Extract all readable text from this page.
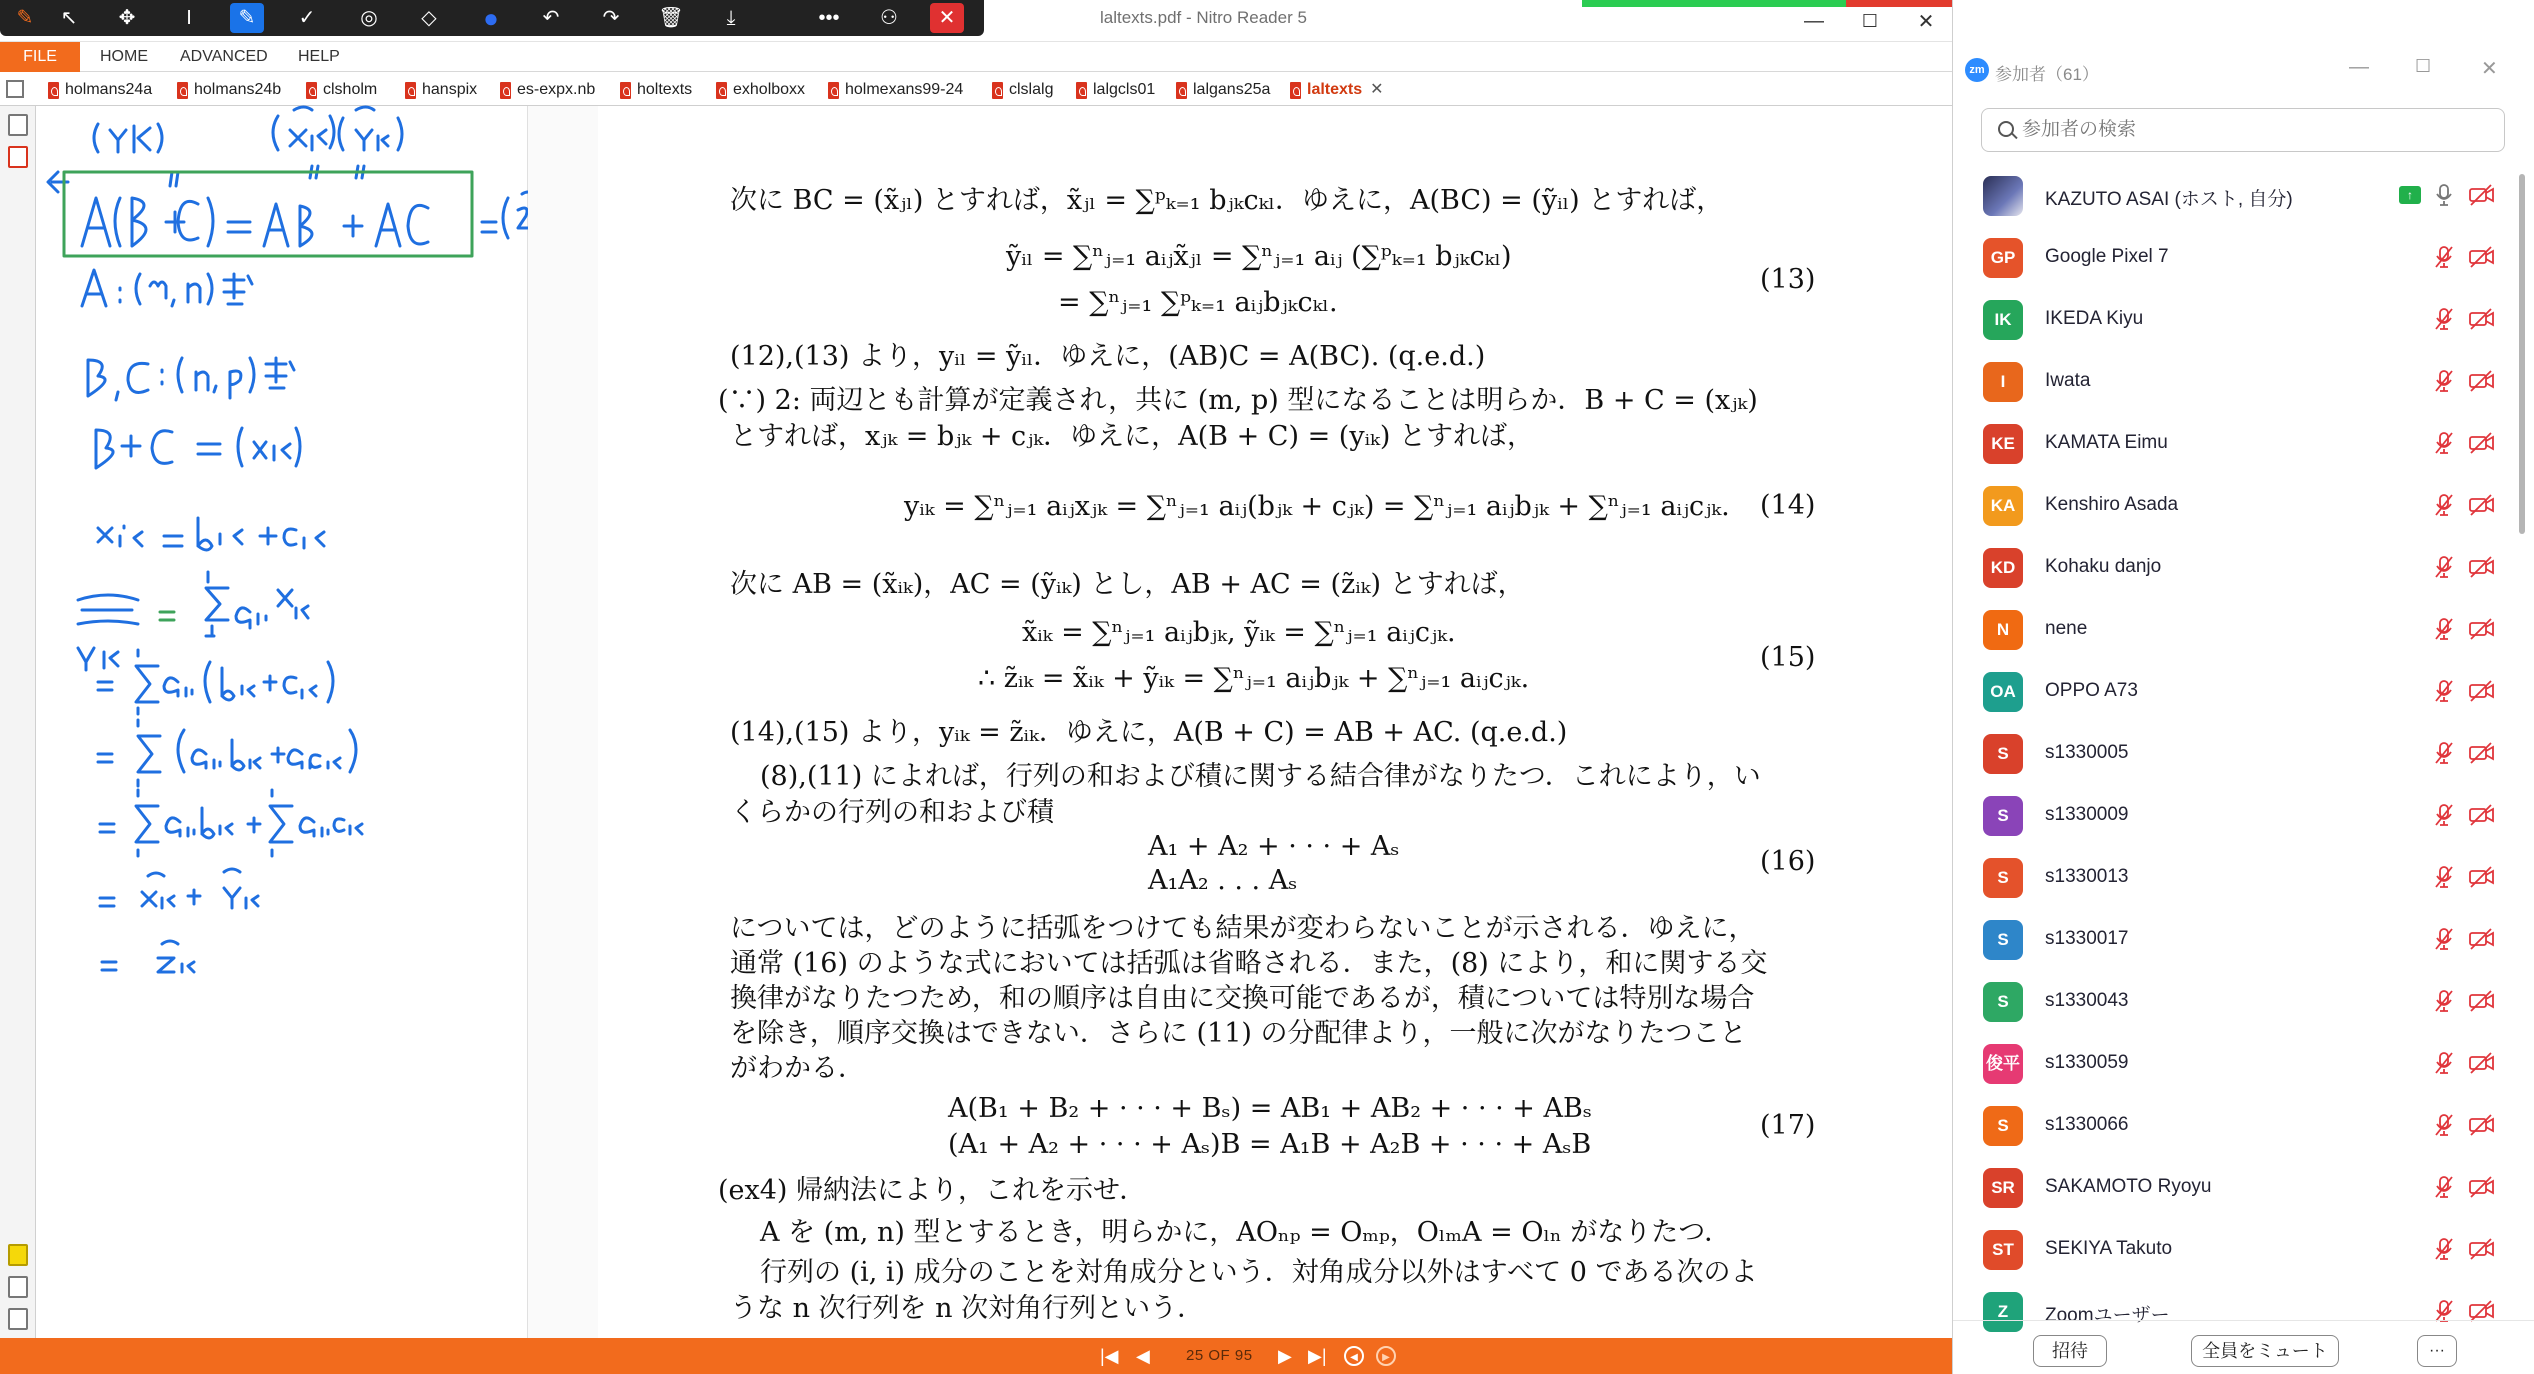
laltexts.pdf - Nitro Reader 5	—	☐	✕
FILE	HOME ADVANCED HELP
holmans24a	holmans24b	clsholm	hanspix es-expx.nb	holtexts	exholboxx holmexans99-24	clslalg lalgcls01 lalgans25a laltexts ✕
次に BC = (x̃ⱼₗ) とすれば，x̃ⱼₗ = ∑ᵖₖ₌₁ bⱼₖcₖₗ．ゆえに，A(BC) = (ỹᵢₗ) とすれば，
ỹᵢₗ = ∑ⁿⱼ₌₁ aᵢⱼx̃ⱼₗ = ∑ⁿⱼ₌₁ aᵢⱼ (∑ᵖₖ₌₁ bⱼₖcₖₗ)
= ∑ⁿⱼ₌₁ ∑ᵖₖ₌₁ aᵢⱼbⱼₖcₖₗ.
(13)
(12),(13) より，yᵢₗ = ỹᵢₗ．ゆえに，(AB)C = A(BC). (q.e.d.)
(∵) 2: 両辺とも計算が定義され，共に (m, p) 型になることは明らか．B + C = (xⱼₖ)
とすれば，xⱼₖ = bⱼₖ + cⱼₖ．ゆえに，A(B + C) = (yᵢₖ) とすれば，
yᵢₖ = ∑ⁿⱼ₌₁ aᵢⱼxⱼₖ = ∑ⁿⱼ₌₁ aᵢⱼ(bⱼₖ + cⱼₖ) = ∑ⁿⱼ₌₁ aᵢⱼbⱼₖ + ∑ⁿⱼ₌₁ aᵢⱼcⱼₖ. (14)
次に AB = (x̃ᵢₖ)，AC = (ỹᵢₖ) とし，AB + AC = (z̃ᵢₖ) とすれば，
x̃ᵢₖ = ∑ⁿⱼ₌₁ aᵢⱼbⱼₖ, ỹᵢₖ = ∑ⁿⱼ₌₁ aᵢⱼcⱼₖ.
∴ z̃ᵢₖ = x̃ᵢₖ + ỹᵢₖ = ∑ⁿⱼ₌₁ aᵢⱼbⱼₖ + ∑ⁿⱼ₌₁ aᵢⱼcⱼₖ.
(15)
(14),(15) より，yᵢₖ = z̃ᵢₖ．ゆえに，A(B + C) = AB + AC. (q.e.d.)
(8),(11) によれば，行列の和および積に関する結合律がなりたつ．これにより，い
くらかの行列の和および積
A₁ + A₂ + · · · + Aₛ
A₁A₂ . . . Aₛ
(16)
については，どのように括弧をつけても結果が変わらないことが示される．ゆえに，
通常 (16) のような式においては括弧は省略される．また，(8) により，和に関する交
換律がなりたつため，和の順序は自由に交換可能であるが，積については特別な場合
を除き，順序交換はできない．さらに (11) の分配律より，一般に次がなりたつこと
がわかる．
A(B₁ + B₂ + · · · + Bₛ) = AB₁ + AB₂ + · · · + ABₛ
(A₁ + A₂ + · · · + Aₛ)B = A₁B + A₂B + · · · + AₛB
(17)
(ex4) 帰納法により，これを示せ．
A を (m, n) 型とするとき，明らかに，AOₙₚ = Oₘₚ，OₗₘA = Oₗₙ がなりたつ．
行列の (i, i) 成分のことを対角成分という．対角成分以外はすべて 0 である次のよ
うな n 次行列を n 次対角行列という．
|◀ ◀ 25 OF 95 ▶ ▶|	◀	▶
✎	↖	✥	I	✎	✓	◎	◇	●	↶	↷	🗑	⤓	•••	⚇	✕
zm 参加者（61）	—	☐ ✕
参加者の検索
KAZUTO ASAI (ホスト, 自分)	↑
GP	Google Pixel 7
IK	IKEDA Kiyu
I	Iwata
KE	KAMATA Eimu
KA	Kenshiro Asada
KD	Kohaku danjo
N	nene
OA	OPPO A73
S	s1330005
S	s1330009
S	s1330013
S	s1330017
S	s1330043
俊平 s1330059
S	s1330066
SR	SAKAMOTO Ryoyu
ST	SEKIYA Takuto
Z	Zoomユーザー
招待	全員をミュート	···
